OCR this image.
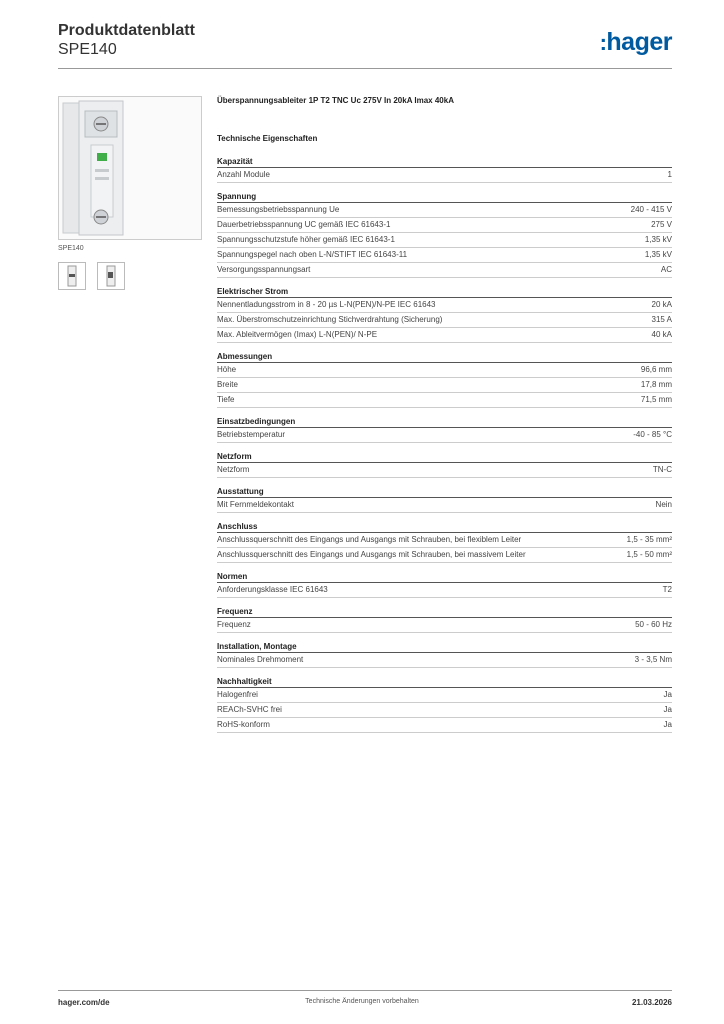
Produktdatenblatt
SPE140	:hager
SPE140
Überspannungsableiter 1P T2 TNC Uc 275V In 20kA Imax 40kA
Technische Eigenschaften
Kapazität
Anzahl Module	1
Spannung
Bemessungsbetriebsspannung Ue	240 - 415 V
Dauerbetriebsspannung UC gemäß IEC 61643-1	275 V
Spannungsschutzstufe höher gemäß IEC 61643-1	1,35 kV
Spannungspegel nach oben L-N/STIFT IEC 61643-11	1,35 kV
Versorgungsspannungsart	AC
Elektrischer Strom
Nennentladungsstrom in 8 - 20 µs L-N(PEN)/N-PE IEC 61643	20 kA
Max. Überstromschutzeinrichtung Stichverdrahtung (Sicherung)	315 A
Max. Ableitvermögen (Imax) L-N(PEN)/ N-PE	40 kA
Abmessungen
Höhe	96,6 mm
Breite	17,8 mm
Tiefe	71,5 mm
Einsatzbedingungen
Betriebstemperatur	-40 - 85 °C
Netzform
Netzform	TN-C
Ausstattung
Mit Fernmeldekontakt	Nein
Anschluss
Anschlussquerschnitt des Eingangs und Ausgangs mit Schrauben, bei flexiblem Leiter	1,5 - 35 mm²
Anschlussquerschnitt des Eingangs und Ausgangs mit Schrauben, bei massivem Leiter	1,5 - 50 mm²
Normen
Anforderungsklasse IEC 61643	T2
Frequenz
Frequenz	50 - 60 Hz
Installation, Montage
Nominales Drehmoment	3 - 3,5 Nm
Nachhaltigkeit
Halogenfrei	Ja
REACh-SVHC frei	Ja
RoHS-konform	Ja
hager.com/de	Technische Änderungen vorbehalten	21.03.2026
